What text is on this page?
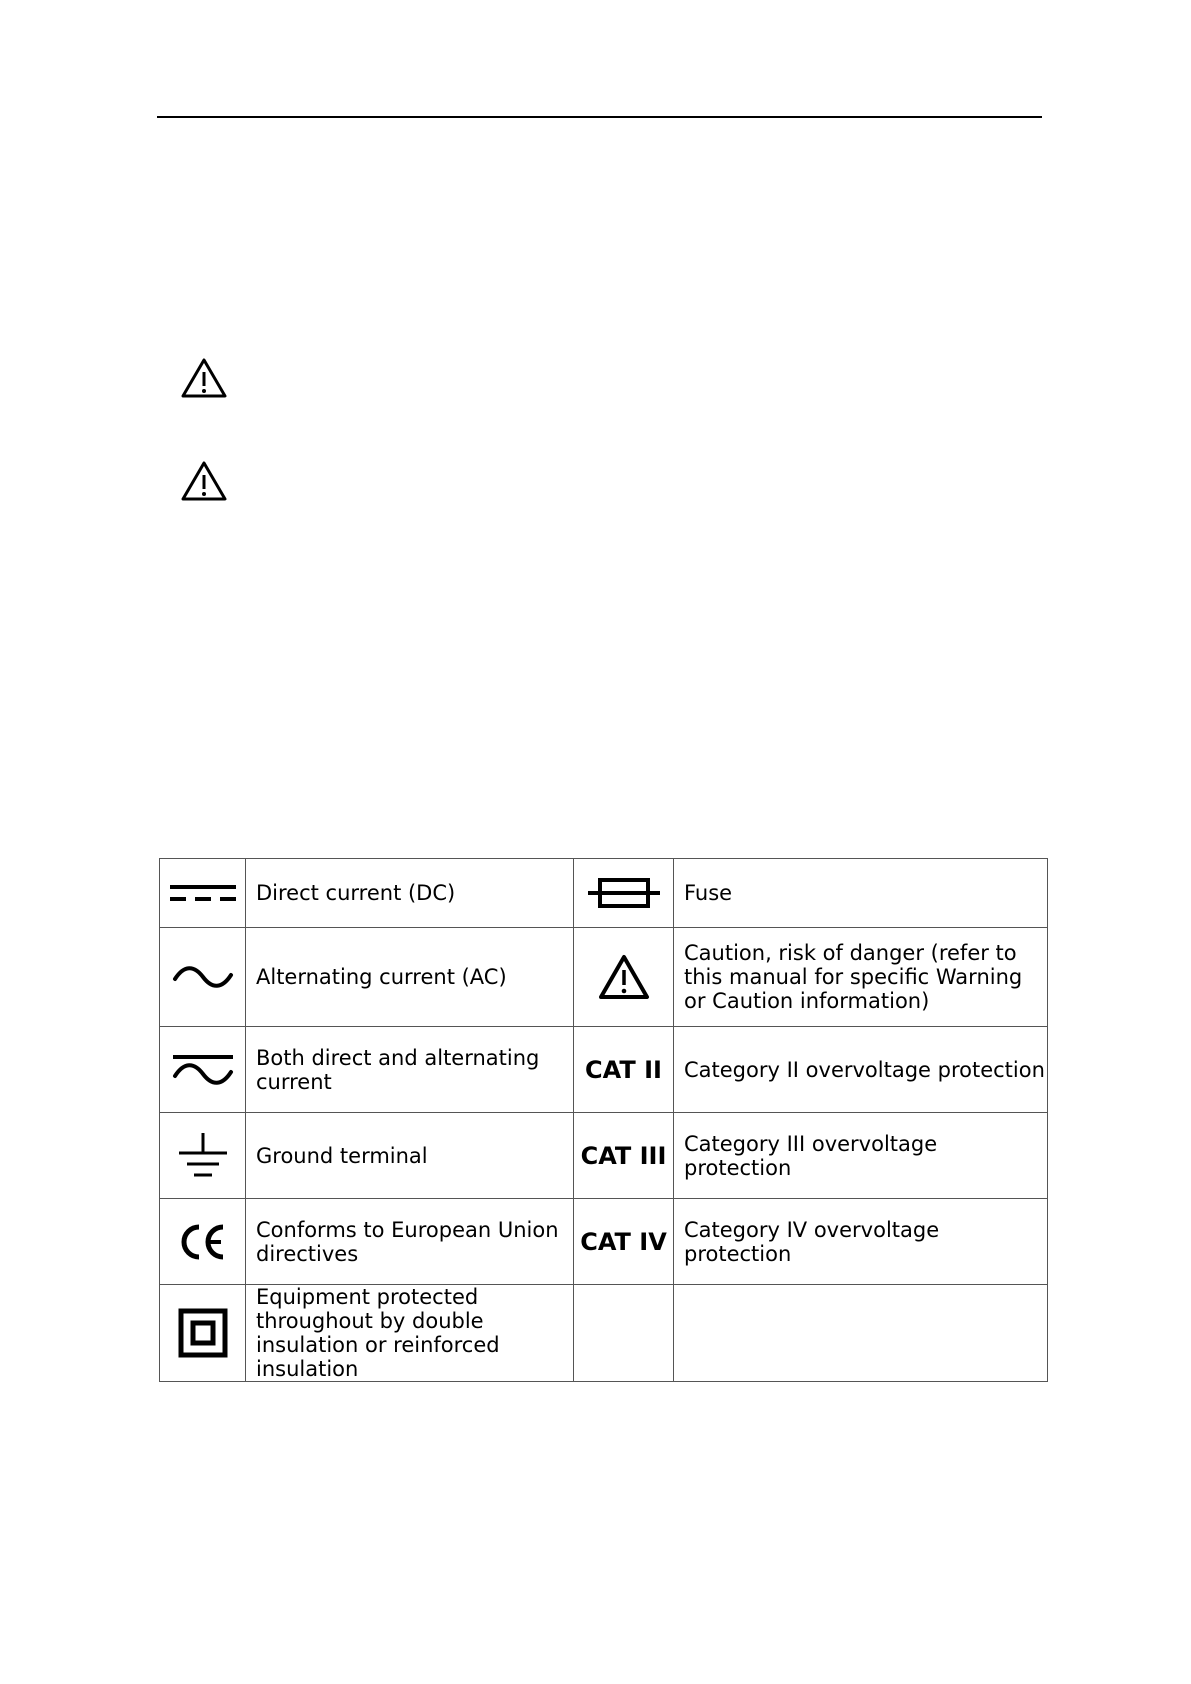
	Direct current (DC)		Fuse

	Alternating current (AC)		Caution, risk of danger (refer to this manual for specific Warning or Caution information)

	Both direct and alternating current	CAT II	Category II overvoltage protection

	Ground terminal	CAT III	Category III overvoltage protection

	Conforms to European Union directives	CAT IV	Category IV overvoltage protection

	Equipment protected throughout by double insulation or reinforced insulation		
